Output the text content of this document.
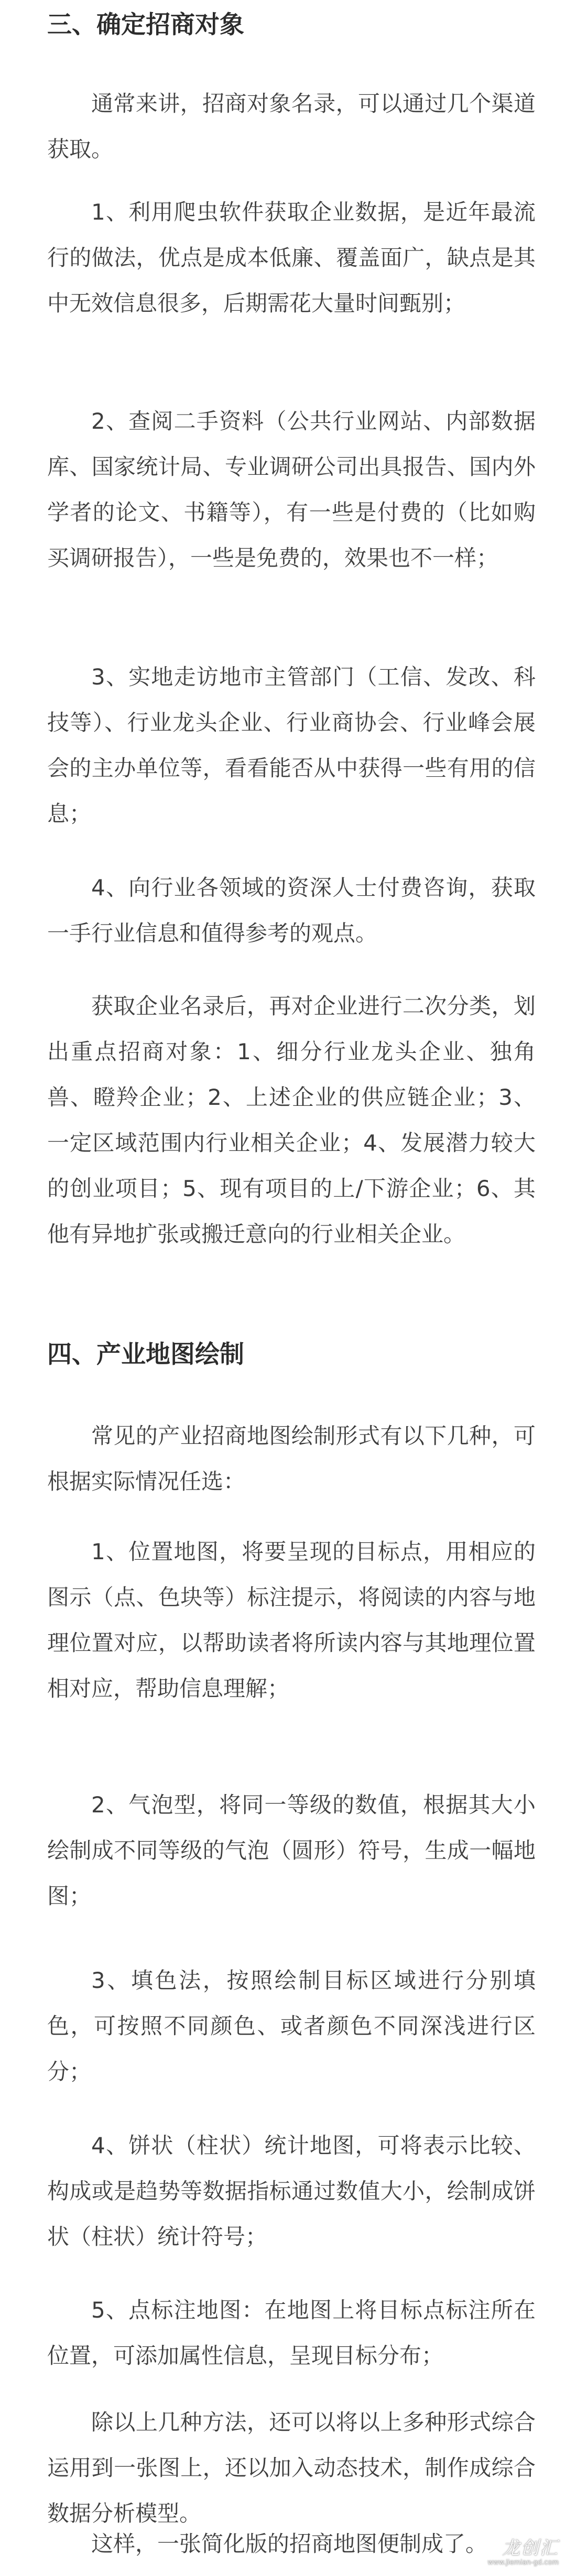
三、确定招商对象

通常来讲，招商对象名录，可以通过几个渠道获取。

1、利用爬虫软件获取企业数据，是近年最流行的做法，优点是成本低廉、覆盖面广，缺点是其中无效信息很多，后期需花大量时间甄别；

2、查阅二手资料（公共行业网站、内部数据库、国家统计局、专业调研公司出具报告、国内外学者的论文、书籍等），有一些是付费的（比如购买调研报告），一些是免费的，效果也不一样；

3、实地走访地市主管部门（工信、发改、科技等）、行业龙头企业、行业商协会、行业峰会展会的主办单位等，看看能否从中获得一些有用的信息；

4、向行业各领域的资深人士付费咨询，获取一手行业信息和值得参考的观点。

获取企业名录后，再对企业进行二次分类，划出重点招商对象：1、细分行业龙头企业、独角兽、瞪羚企业；2、上述企业的供应链企业；3、一定区域范围内行业相关企业；4、发展潜力较大的创业项目；5、现有项目的上/下游企业；6、其他有异地扩张或搬迁意向的行业相关企业。

四、产业地图绘制

常见的产业招商地图绘制形式有以下几种，可根据实际情况任选：

1、位置地图，将要呈现的目标点，用相应的图示（点、色块等）标注提示，将阅读的内容与地理位置对应，以帮助读者将所读内容与其地理位置相对应，帮助信息理解；

2、气泡型，将同一等级的数值，根据其大小绘制成不同等级的气泡（圆形）符号，生成一幅地图；

3、填色法，按照绘制目标区域进行分别填色，可按照不同颜色、或者颜色不同深浅进行区分；

4、饼状（柱状）统计地图，可将表示比较、构成或是趋势等数据指标通过数值大小，绘制成饼状（柱状）统计符号；

5、点标注地图：在地图上将目标点标注所在位置，可添加属性信息，呈现目标分布；

除以上几种方法，还可以将以上多种形式综合运用到一张图上，还以加入动态技术，制作成综合数据分析模型。

这样，一张简化版的招商地图便制成了。 龙创汇
www.jiemian-gd.com
